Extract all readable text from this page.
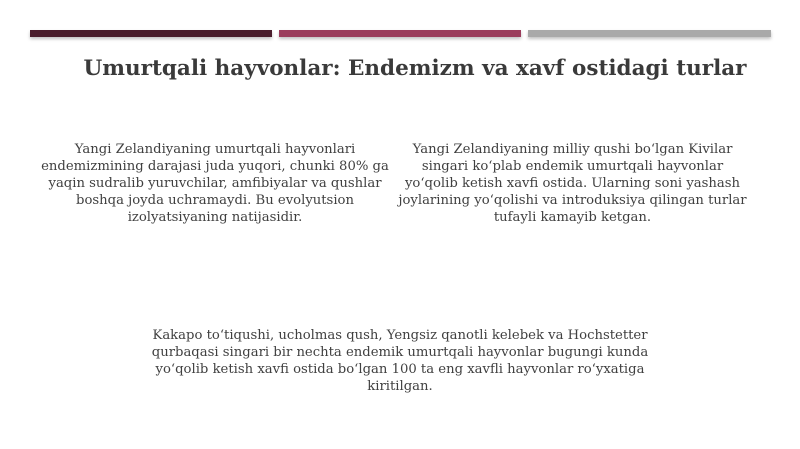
Umurtqali hayvonlar: Endemizm va xavf ostidagi turlar
Yangi Zelandiyaning umurtqali hayvonlari endemizmining darajasi juda yuqori, chunki 80% ga yaqin sudralib yuruvchilar, amfibiyalar va qushlar boshqa joyda uchramaydi. Bu evolyutsion izolyatsiyaning natijasidir.
Yangi Zelandiyaning milliy qushi boʻlgan Kivilar singari koʻplab endemik umurtqali hayvonlar yoʻqolib ketish xavfi ostida. Ularning soni yashash joylarining yoʻqolishi va introduksiya qilingan turlar tufayli kamayib ketgan.
Kakapo toʻtiqushi, ucholmas qush, Yengsiz qanotli kelebek va Hochstetter qurbaqasi singari bir nechta endemik umurtqali hayvonlar bugungi kunda yoʻqolib ketish xavfi ostida boʻlgan 100 ta eng xavfli hayvonlar roʻyxatiga kiritilgan.
